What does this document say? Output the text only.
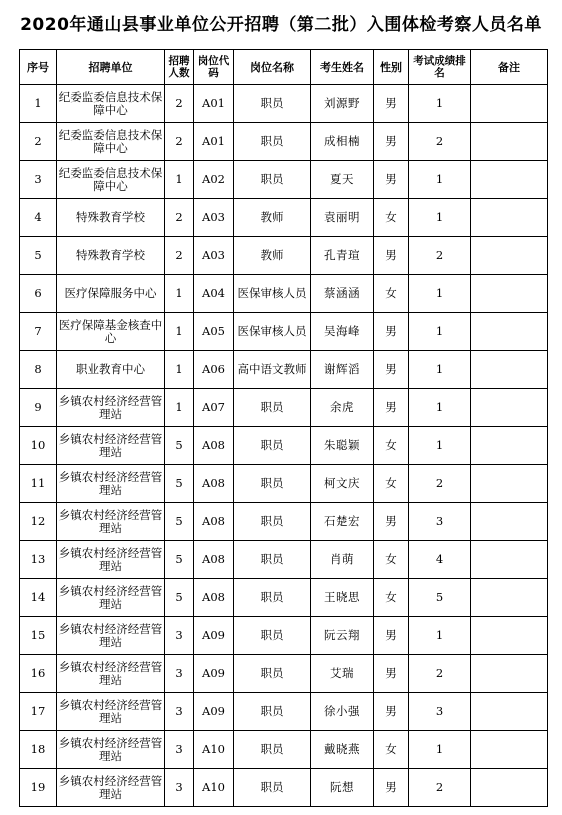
2020年通山县事业单位公开招聘（第二批）入围体检考察人员名单
序号	招聘单位	招聘人数	岗位代码	岗位名称	考生姓名	性别	考试成绩排名	备注
1	纪委监委信息技术保障中心	2	A01	职员	刘源野	男	1	
2	纪委监委信息技术保障中心	2	A01	职员	成相楠	男	2	
3	纪委监委信息技术保障中心	1	A02	职员	夏天	男	1	
4	特殊教育学校	2	A03	教师	袁丽明	女	1	
5	特殊教育学校	2	A03	教师	孔青瑄	男	2	
6	医疗保障服务中心	1	A04	医保审核人员	蔡涵涵	女	1	
7	医疗保障基金核查中心	1	A05	医保审核人员	吴海峰	男	1	
8	职业教育中心	1	A06	高中语文教师	谢辉滔	男	1	
9	乡镇农村经济经营管理站	1	A07	职员	余虎	男	1	
10	乡镇农村经济经营管理站	5	A08	职员	朱聪颖	女	1	
11	乡镇农村经济经营管理站	5	A08	职员	柯文庆	女	2	
12	乡镇农村经济经营管理站	5	A08	职员	石楚宏	男	3	
13	乡镇农村经济经营管理站	5	A08	职员	肖萌	女	4	
14	乡镇农村经济经营管理站	5	A08	职员	王晓思	女	5	
15	乡镇农村经济经营管理站	3	A09	职员	阮云翔	男	1	
16	乡镇农村经济经营管理站	3	A09	职员	艾瑞	男	2	
17	乡镇农村经济经营管理站	3	A09	职员	徐小强	男	3	
18	乡镇农村经济经营管理站	3	A10	职员	戴晓燕	女	1	
19	乡镇农村经济经营管理站	3	A10	职员	阮想	男	2	
